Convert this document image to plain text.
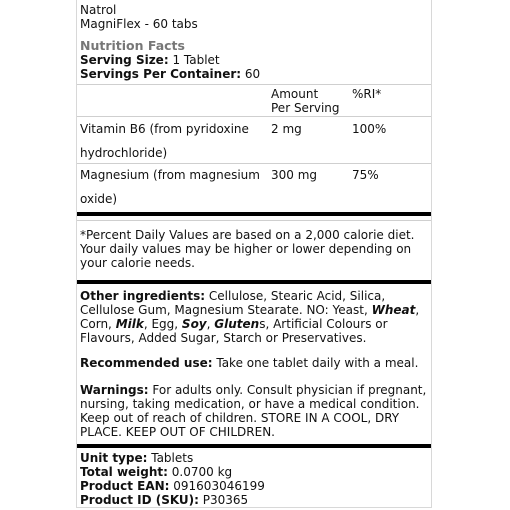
Natrol
MagniFlex - 60 tabs
Nutrition Facts
Serving Size: 1 Tablet
Servings Per Container: 60
Amount
Per Serving
%RI*
Vitamin B6 (from pyridoxine
hydrochloride)
2 mg	100%
Magnesium (from magnesium
oxide)
300 mg	75%
*Percent Daily Values are based on a 2,000 calorie diet. Your daily values may be higher or lower depending on your calorie needs.
Other ingredients: Cellulose, Stearic Acid, Silica, Cellulose Gum, Magnesium Stearate. NO: Yeast, Wheat, Corn, Milk, Egg, Soy, Glutens, Artificial Colours or Flavours, Added Sugar, Starch or Preservatives.
Recommended use: Take one tablet daily with a meal.
Warnings: For adults only. Consult physician if pregnant, nursing, taking medication, or have a medical condition. Keep out of reach of children. STORE IN A COOL, DRY PLACE. KEEP OUT OF CHILDREN.
Unit type: Tablets
Total weight: 0.0700 kg
Product EAN: 091603046199
Product ID (SKU): P30365
